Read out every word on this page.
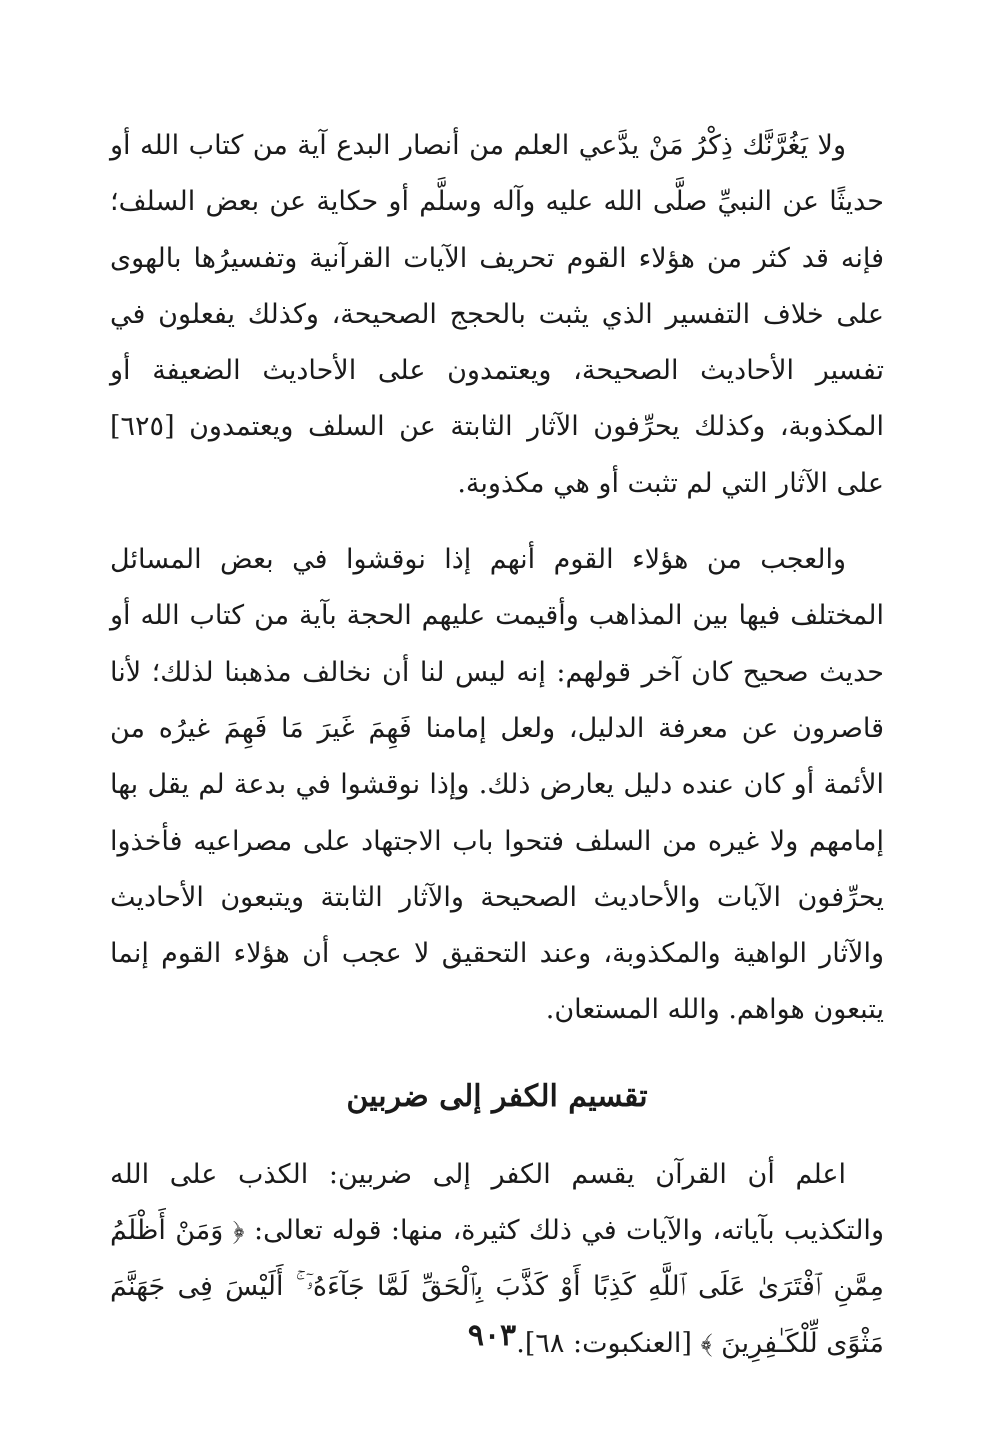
ولا يَغُرَّنَّك ذِكْرُ مَنْ يدَّعي العلم من أنصار البدع آية من كتاب الله أو حديثًا عن النبيِّ صلَّى الله عليه وآله وسلَّم أو حكاية عن بعض السلف؛ فإنه قد كثر من هؤلاء القوم تحريف الآيات القرآنية وتفسيرُها بالهوى على خلاف التفسير الذي يثبت بالحجج الصحيحة، وكذلك يفعلون في تفسير الأحاديث الصحيحة، ويعتمدون على الأحاديث الضعيفة أو المكذوبة، وكذلك يحرِّفون الآثار الثابتة عن السلف ويعتمدون [٦٢٥] على الآثار التي لم تثبت أو هي مكذوبة.

والعجب من هؤلاء القوم أنهم إذا نوقشوا في بعض المسائل المختلف فيها بين المذاهب وأقيمت عليهم الحجة بآية من كتاب الله أو حديث صحيح كان آخر قولهم: إنه ليس لنا أن نخالف مذهبنا لذلك؛ لأنا قاصرون عن معرفة الدليل، ولعل إمامنا فَهِمَ غَيرَ مَا فَهِمَ غيرُه من الأئمة أو كان عنده دليل يعارض ذلك. وإذا نوقشوا في بدعة لم يقل بها إمامهم ولا غيره من السلف فتحوا باب الاجتهاد على مصراعيه فأخذوا يحرِّفون الآيات والأحاديث الصحيحة والآثار الثابتة ويتبعون الأحاديث والآثار الواهية والمكذوبة، وعند التحقيق لا عجب أن هؤلاء القوم إنما يتبعون هواهم. والله المستعان.

تقسيم الكفر إلى ضربين

اعلم أن القرآن يقسم الكفر إلى ضربين: الكذب على الله والتكذيب بآياته، والآيات في ذلك كثيرة، منها: قوله تعالى: ﴿ وَمَنْ أَظْلَمُ مِمَّنِ ٱفْتَرَىٰ عَلَى ٱللَّهِ كَذِبًا أَوْ كَذَّبَ بِٱلْحَقِّ لَمَّا جَآءَهُۥٓ ۚ أَلَيْسَ فِى جَهَنَّمَ مَثْوًى لِّلْكَـٰفِرِينَ ﴾ [العنكبوت: ٦٨].

٩٠٣
